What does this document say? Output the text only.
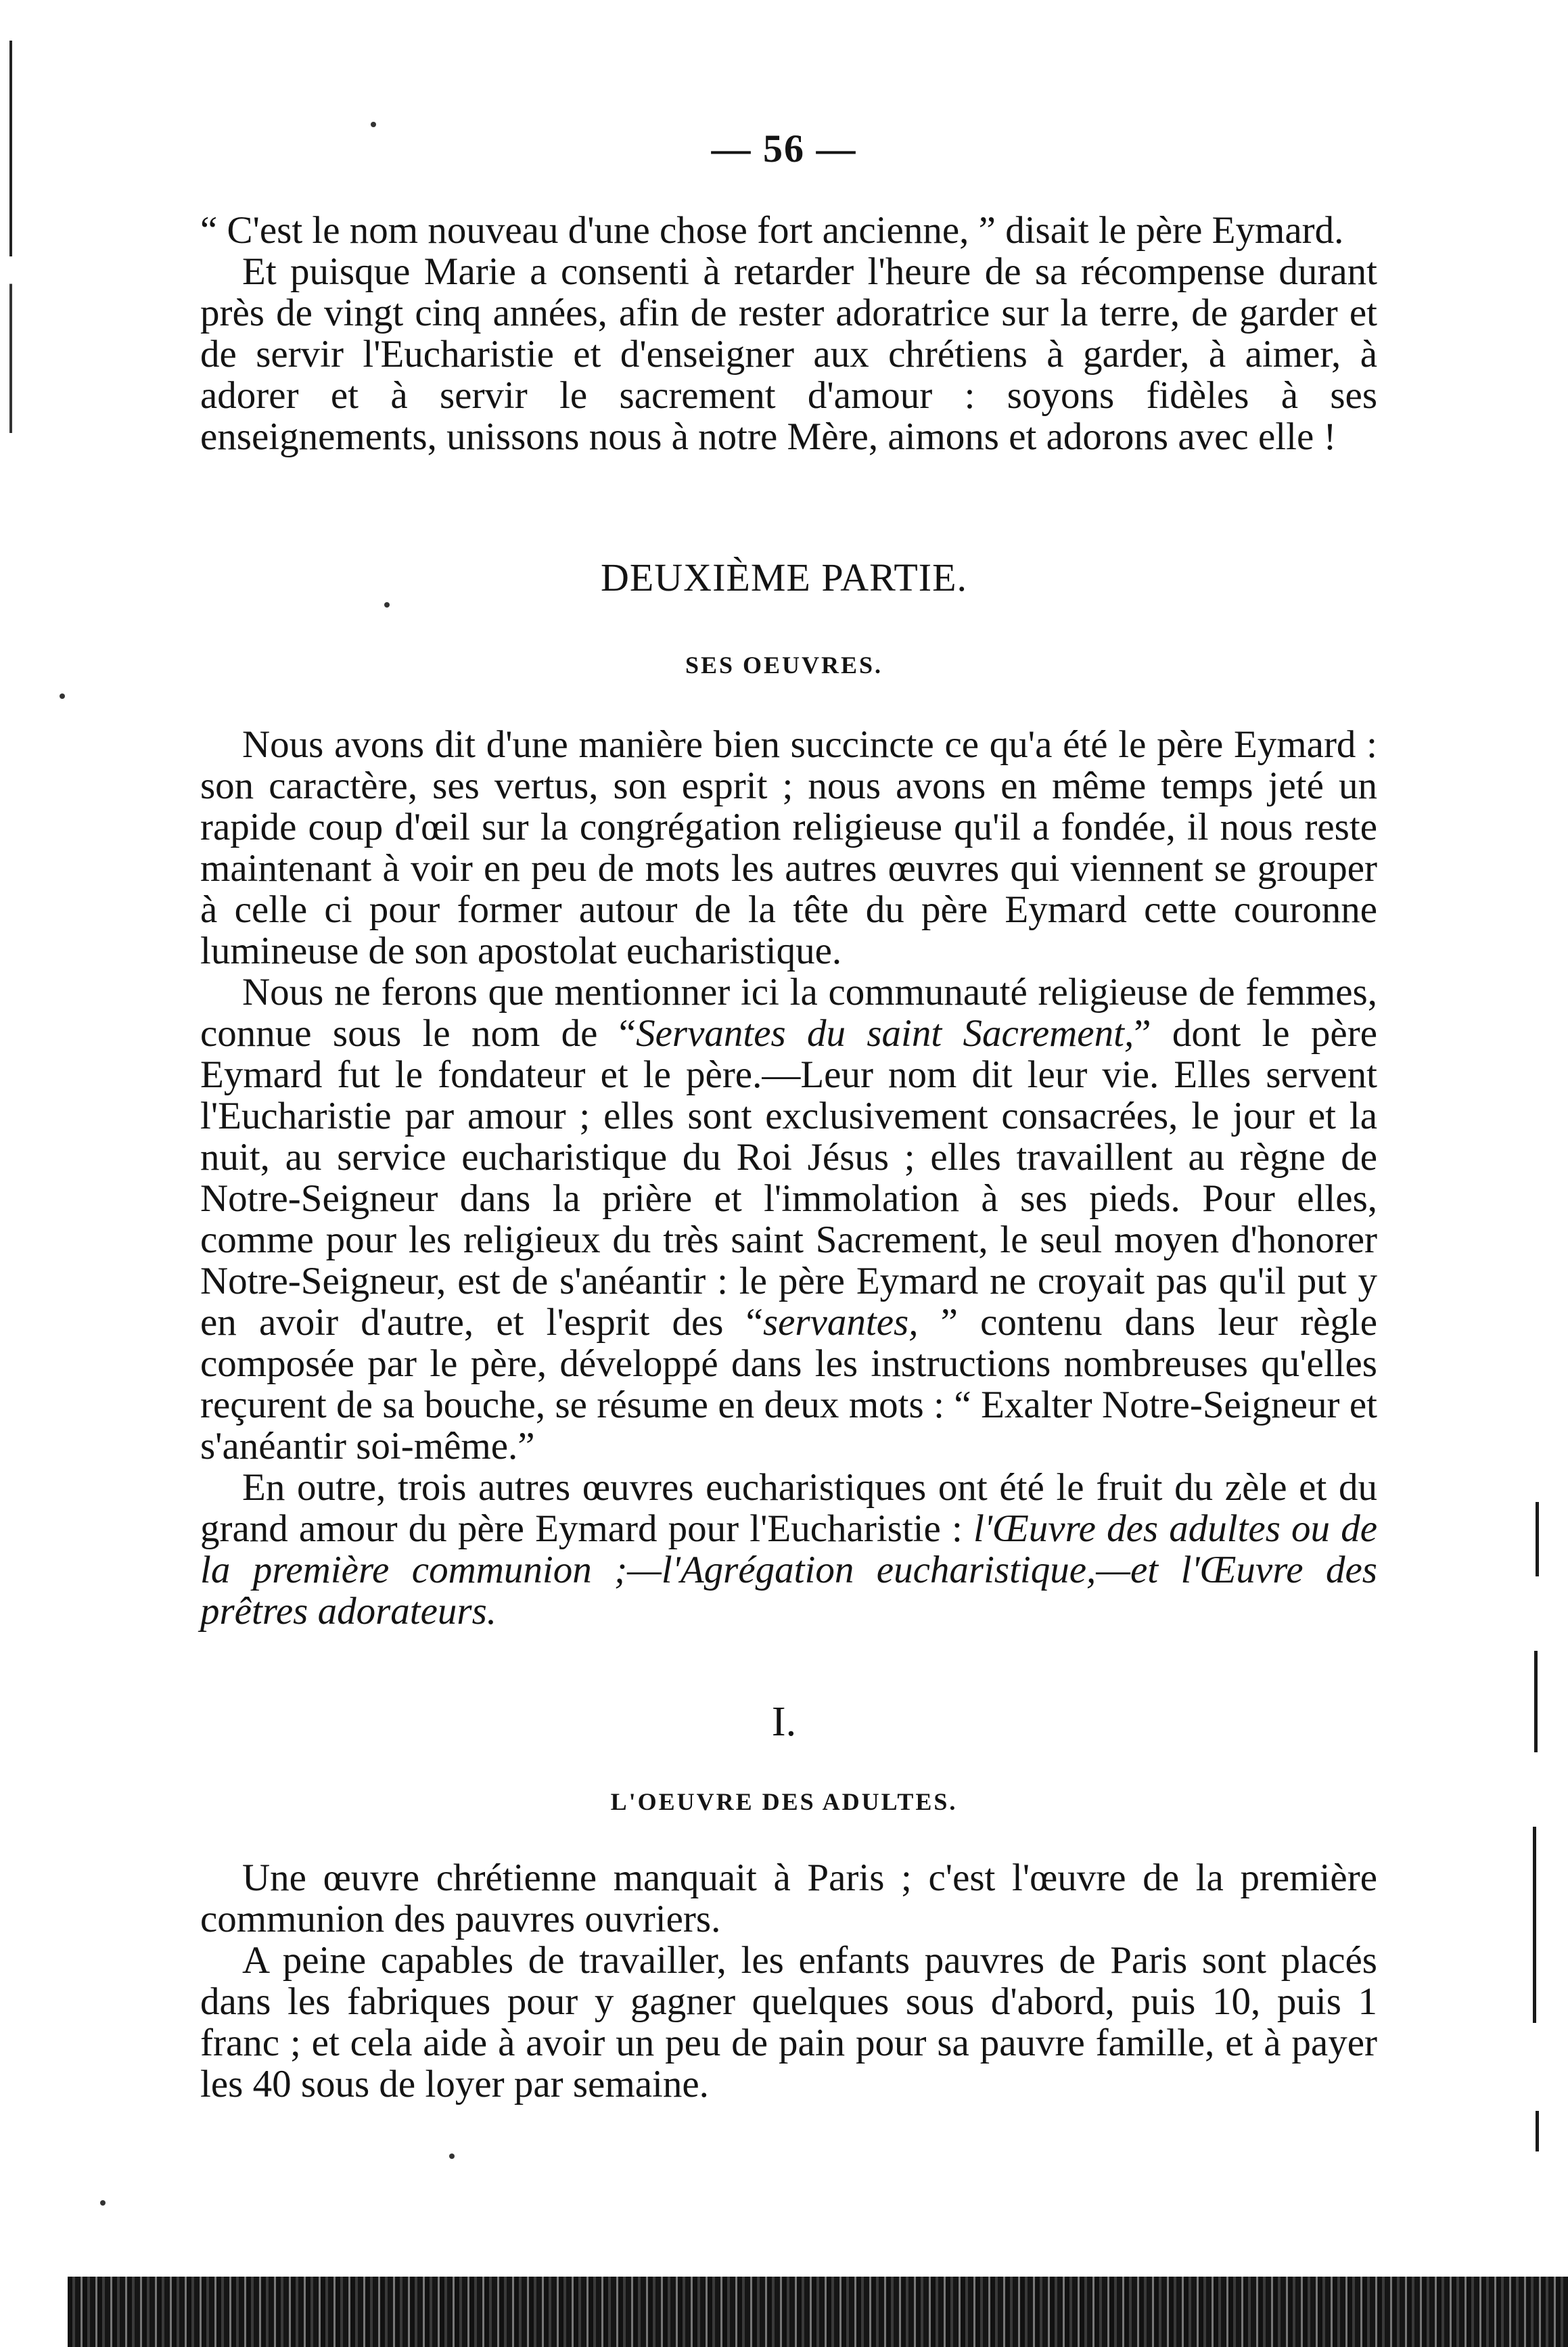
— 56 —

“ C'est le nom nouveau d'une chose fort ancienne, ” disait le père Eymard.

Et puisque Marie a consenti à retarder l'heure de sa récompense durant près de vingt cinq années, afin de rester adoratrice sur la terre, de garder et de servir l'Eucharistie et d'enseigner aux chrétiens à garder, à aimer, à adorer et à servir le sacrement d'amour : soyons fidèles à ses enseignements, unissons nous à notre Mère, aimons et adorons avec elle !

DEUXIÈME PARTIE.
SES OEUVRES.

Nous avons dit d'une manière bien succincte ce qu'a été le père Eymard : son caractère, ses vertus, son esprit ; nous avons en même temps jeté un rapide coup d'œil sur la congrégation religieuse qu'il a fondée, il nous reste maintenant à voir en peu de mots les autres œuvres qui viennent se grouper à celle ci pour former autour de la tête du père Eymard cette couronne lumineuse de son apostolat eucharistique.

Nous ne ferons que mentionner ici la communauté religieuse de femmes, connue sous le nom de “Servantes du saint Sacrement,” dont le père Eymard fut le fondateur et le père.—Leur nom dit leur vie. Elles servent l'Eucharistie par amour ; elles sont exclusivement consacrées, le jour et la nuit, au service eucharistique du Roi Jésus ; elles travaillent au règne de Notre-Seigneur dans la prière et l'immolation à ses pieds. Pour elles, comme pour les religieux du très saint Sacrement, le seul moyen d'honorer Notre-Seigneur, est de s'anéantir : le père Eymard ne croyait pas qu'il put y en avoir d'autre, et l'esprit des “servantes, ” contenu dans leur règle composée par le père, développé dans les instructions nombreuses qu'elles reçurent de sa bouche, se résume en deux mots : “ Exalter Notre-Seigneur et s'anéantir soi-même.”

En outre, trois autres œuvres eucharistiques ont été le fruit du zèle et du grand amour du père Eymard pour l'Eucharistie : l'Œuvre des adultes ou de la première communion ;—l'Agrégation eucharistique,—et l'Œuvre des prêtres adorateurs.

I.
L'OEUVRE DES ADULTES.

Une œuvre chrétienne manquait à Paris ; c'est l'œuvre de la première communion des pauvres ouvriers.

A peine capables de travailler, les enfants pauvres de Paris sont placés dans les fabriques pour y gagner quelques sous d'abord, puis 10, puis 1 franc ; et cela aide à avoir un peu de pain pour sa pauvre famille, et à payer les 40 sous de loyer par semaine.
